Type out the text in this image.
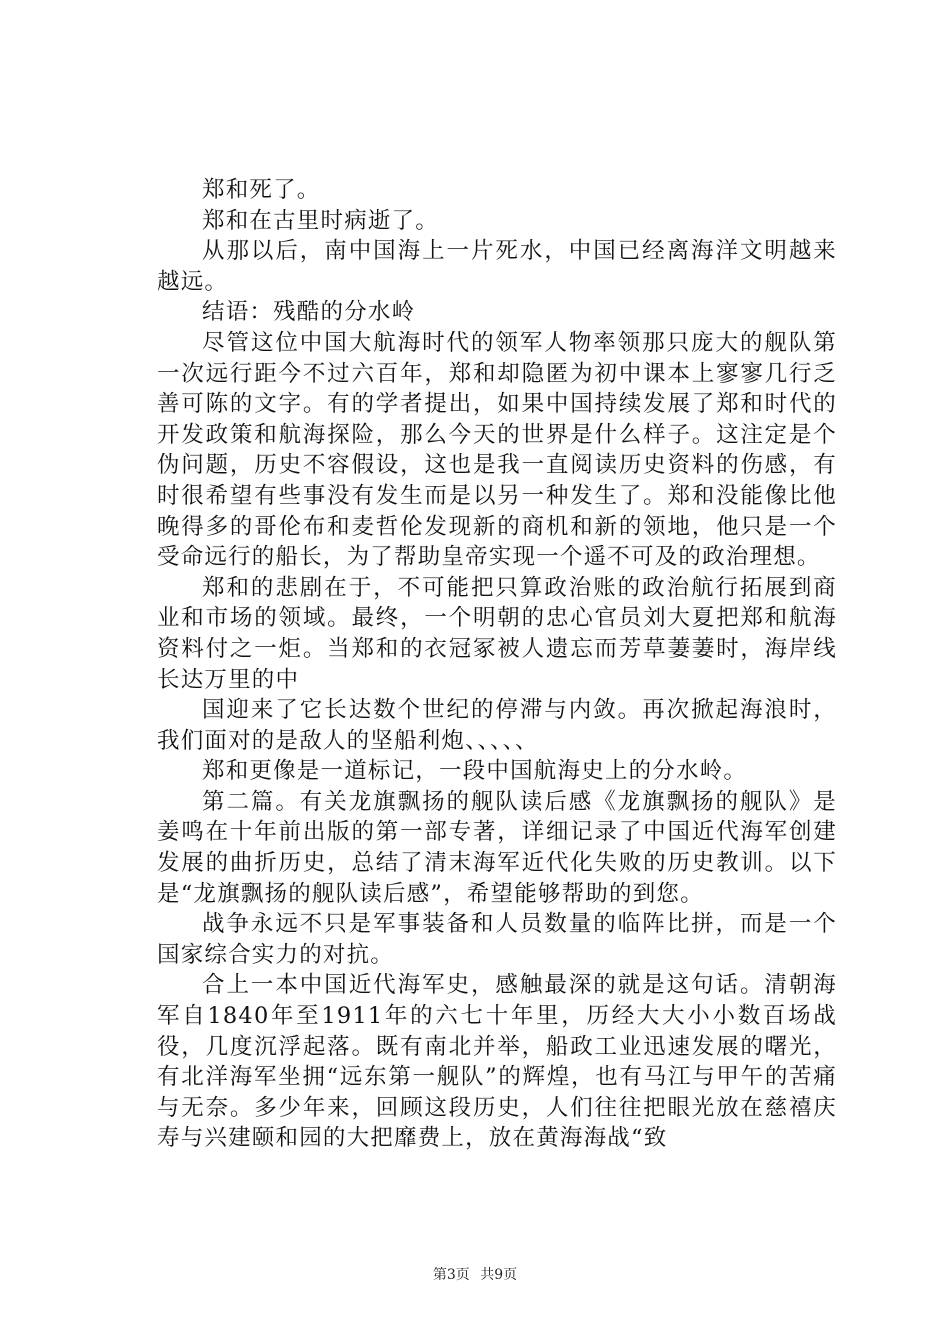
郑和死了。

郑和在古里时病逝了。

从那以后，南中国海上一片死水，中国已经离海洋文明越来越远。

结语：残酷的分水岭

尽管这位中国大航海时代的领军人物率领那只庞大的舰队第一次远行距今不过六百年，郑和却隐匿为初中课本上寥寥几行乏善可陈的文字。有的学者提出，如果中国持续发展了郑和时代的开发政策和航海探险，那么今天的世界是什么样子。这注定是个伪问题，历史不容假设，这也是我一直阅读历史资料的伤感，有时很希望有些事没有发生而是以另一种发生了。郑和没能像比他晚得多的哥伦布和麦哲伦发现新的商机和新的领地，他只是一个受命远行的船长，为了帮助皇帝实现一个遥不可及的政治理想。

郑和的悲剧在于，不可能把只算政治账的政治航行拓展到商业和市场的领域。最终，一个明朝的忠心官员刘大夏把郑和航海资料付之一炬。当郑和的衣冠冢被人遗忘而芳草萋萋时，海岸线长达万里的中

国迎来了它长达数个世纪的停滞与内敛。再次掀起海浪时，我们面对的是敌人的坚船利炮、、、、、

郑和更像是一道标记，一段中国航海史上的分水岭。

第二篇。有关龙旗飘扬的舰队读后感《龙旗飘扬的舰队》是姜鸣在十年前出版的第一部专著，详细记录了中国近代海军创建发展的曲折历史，总结了清末海军近代化失败的历史教训。以下是“龙旗飘扬的舰队读后感”，希望能够帮助的到您。

战争永远不只是军事装备和人员数量的临阵比拼，而是一个国家综合实力的对抗。

合上一本中国近代海军史，感触最深的就是这句话。清朝海军自1840年至1911年的六七十年里，历经大大小小数百场战役，几度沉浮起落。既有南北并举，船政工业迅速发展的曙光，有北洋海军坐拥“远东第一舰队”的辉煌，也有马江与甲午的苦痛与无奈。多少年来，回顾这段历史，人们往往把眼光放在慈禧庆寿与兴建颐和园的大把靡费上，放在黄海海战“致

第3页 共9页
